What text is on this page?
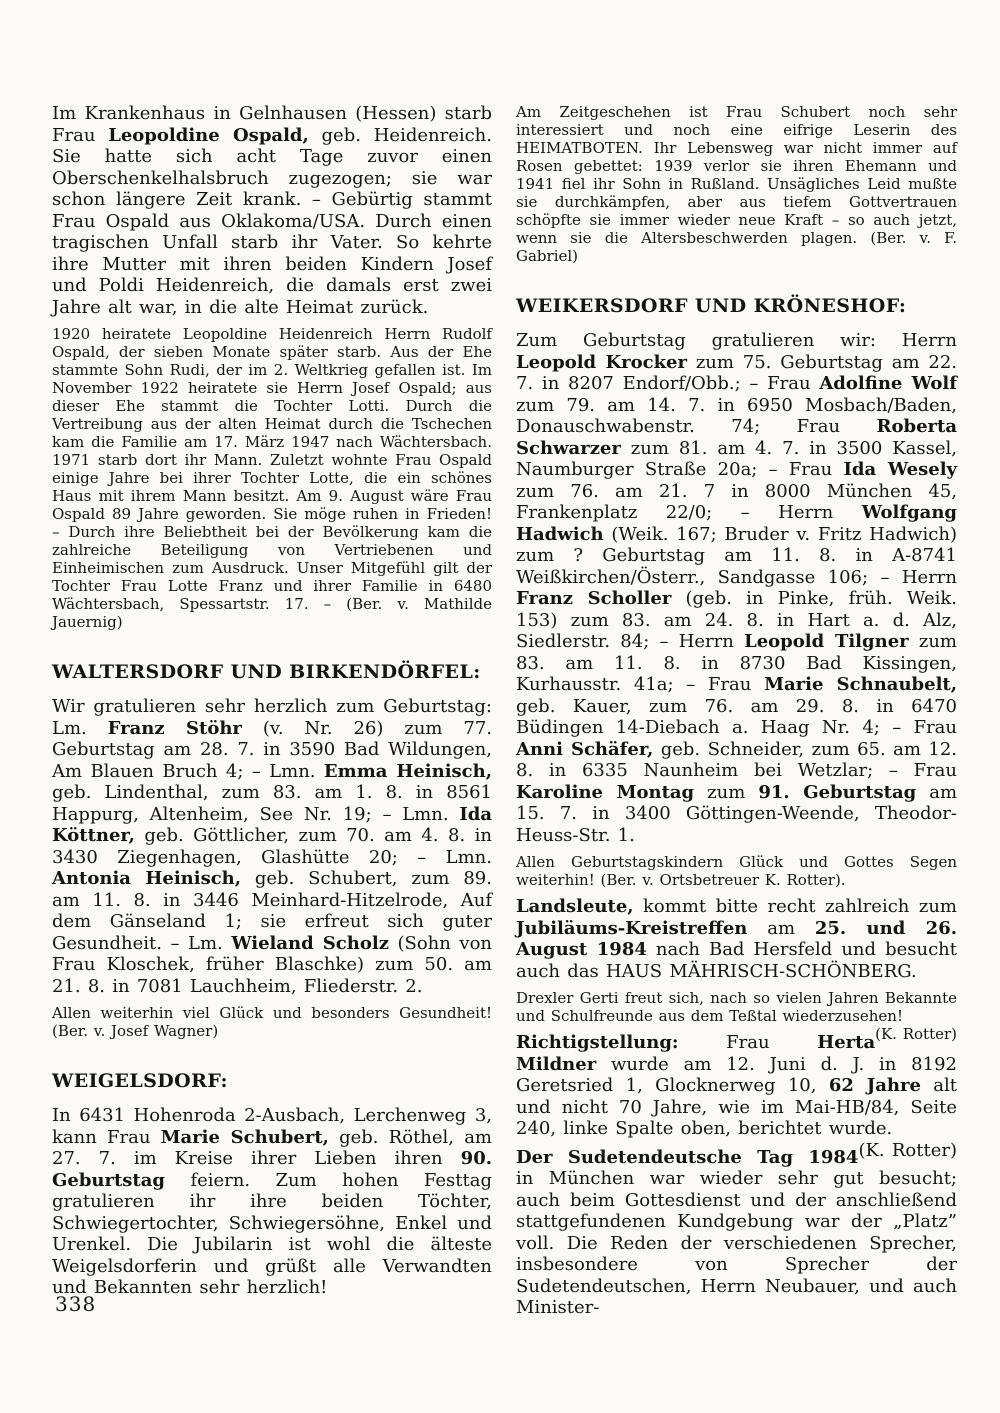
Im Krankenhaus in Gelnhausen (Hessen) starb Frau Leopoldine Ospald, geb. Heidenreich. Sie hatte sich acht Tage zuvor einen Oberschenkelhalsbruch zugezogen; sie war schon längere Zeit krank. – Gebürtig stammt Frau Ospald aus Oklakoma/USA. Durch einen tragischen Unfall starb ihr Vater. So kehrte ihre Mutter mit ihren beiden Kindern Josef und Poldi Heidenreich, die damals erst zwei Jahre alt war, in die alte Heimat zurück.
1920 heiratete Leopoldine Heidenreich Herrn Rudolf Ospald, der sieben Monate später starb. Aus der Ehe stammte Sohn Rudi, der im 2. Weltkrieg gefallen ist. Im November 1922 heiratete sie Herrn Josef Ospald; aus dieser Ehe stammt die Tochter Lotti. Durch die Vertreibung aus der alten Heimat durch die Tschechen kam die Familie am 17. März 1947 nach Wächtersbach. 1971 starb dort ihr Mann. Zuletzt wohnte Frau Ospald einige Jahre bei ihrer Tochter Lotte, die ein schönes Haus mit ihrem Mann besitzt. Am 9. August wäre Frau Ospald 89 Jahre geworden. Sie möge ruhen in Frieden! – Durch ihre Beliebtheit bei der Bevölkerung kam die zahlreiche Beteiligung von Vertriebenen und Einheimischen zum Ausdruck. Unser Mitgefühl gilt der Tochter Frau Lotte Franz und ihrer Familie in 6480 Wächtersbach, Spessartstr. 17. – (Ber. v. Mathilde Jauernig)
WALTERSDORF UND BIRKENDÖRFEL:
Wir gratulieren sehr herzlich zum Geburtstag: Lm. Franz Stöhr (v. Nr. 26) zum 77. Geburtstag am 28. 7. in 3590 Bad Wildungen, Am Blauen Bruch 4; – Lmn. Emma Heinisch, geb. Lindenthal, zum 83. am 1. 8. in 8561 Happurg, Altenheim, See Nr. 19; – Lmn. Ida Köttner, geb. Göttlicher, zum 70. am 4. 8. in 3430 Ziegenhagen, Glashütte 20; – Lmn. Antonia Heinisch, geb. Schubert, zum 89. am 11. 8. in 3446 Meinhard-Hitzelrode, Auf dem Gänseland 1; sie erfreut sich guter Gesundheit. – Lm. Wieland Scholz (Sohn von Frau Kloschek, früher Blaschke) zum 50. am 21. 8. in 7081 Lauchheim, Fliederstr. 2.
Allen weiterhin viel Glück und besonders Gesundheit! (Ber. v. Josef Wagner)
WEIGELSDORF:
In 6431 Hohenroda 2-Ausbach, Lerchenweg 3, kann Frau Marie Schubert, geb. Röthel, am 27. 7. im Kreise ihrer Lieben ihren 90. Geburtstag feiern. Zum hohen Festtag gratulieren ihr ihre beiden Töchter, Schwiegertochter, Schwiegersöhne, Enkel und Urenkel. Die Jubilarin ist wohl die älteste Weigelsdorferin und grüßt alle Verwandten und Bekannten sehr herzlich!
Am Zeitgeschehen ist Frau Schubert noch sehr interessiert und noch eine eifrige Leserin des HEIMATBOTEN. Ihr Lebensweg war nicht immer auf Rosen gebettet: 1939 verlor sie ihren Ehemann und 1941 fiel ihr Sohn in Rußland. Unsägliches Leid mußte sie durchkämpfen, aber aus tiefem Gottvertrauen schöpfte sie immer wieder neue Kraft – so auch jetzt, wenn sie die Altersbeschwerden plagen. (Ber. v. F. Gabriel)
WEIKERSDORF UND KRÖNESHOF:
Zum Geburtstag gratulieren wir: Herrn Leopold Krocker zum 75. Geburtstag am 22. 7. in 8207 Endorf/Obb.; – Frau Adolfine Wolf zum 79. am 14. 7. in 6950 Mosbach/Baden, Donauschwabenstr. 74; Frau Roberta Schwarzer zum 81. am 4. 7. in 3500 Kassel, Naumburger Straße 20a; – Frau Ida Wesely zum 76. am 21. 7 in 8000 München 45, Frankenplatz 22/0; – Herrn Wolfgang Hadwich (Weik. 167; Bruder v. Fritz Hadwich) zum ? Geburtstag am 11. 8. in A-8741 Weißkirchen/Österr., Sandgasse 106; – Herrn Franz Scholler (geb. in Pinke, früh. Weik. 153) zum 83. am 24. 8. in Hart a. d. Alz, Siedlerstr. 84; – Herrn Leopold Tilgner zum 83. am 11. 8. in 8730 Bad Kissingen, Kurhausstr. 41a; – Frau Marie Schnaubelt, geb. Kauer, zum 76. am 29. 8. in 6470 Büdingen 14-Diebach a. Haag Nr. 4; – Frau Anni Schäfer, geb. Schneider, zum 65. am 12. 8. in 6335 Naunheim bei Wetzlar; – Frau Karoline Montag zum 91. Geburtstag am 15. 7. in 3400 Göttingen-Weende, Theodor-Heuss-Str. 1.
Allen Geburtstagskindern Glück und Gottes Segen weiterhin! (Ber. v. Ortsbetreuer K. Rotter).
Landsleute, kommt bitte recht zahlreich zum Jubiläums-Kreistreffen am 25. und 26. August 1984 nach Bad Hersfeld und besucht auch das HAUS MÄHRISCH-SCHÖNBERG.
Drexler Gerti freut sich, nach so vielen Jahren Bekannte und Schulfreunde aus dem Teßtal wiederzusehen!
(K. Rotter)
Richtigstellung: Frau Herta Mildner wurde am 12. Juni d. J. in 8192 Geretsried 1, Glocknerweg 10, 62 Jahre alt und nicht 70 Jahre, wie im Mai-HB/84, Seite 240, linke Spalte oben, berichtet wurde.
(K. Rotter)
Der Sudetendeutsche Tag 1984 in München war wieder sehr gut besucht; auch beim Gottesdienst und der anschließend stattgefundenen Kundgebung war der „Platz” voll. Die Reden der verschiedenen Sprecher, insbesondere von Sprecher der Sudetendeutschen, Herrn Neubauer, und auch Minister-
338
